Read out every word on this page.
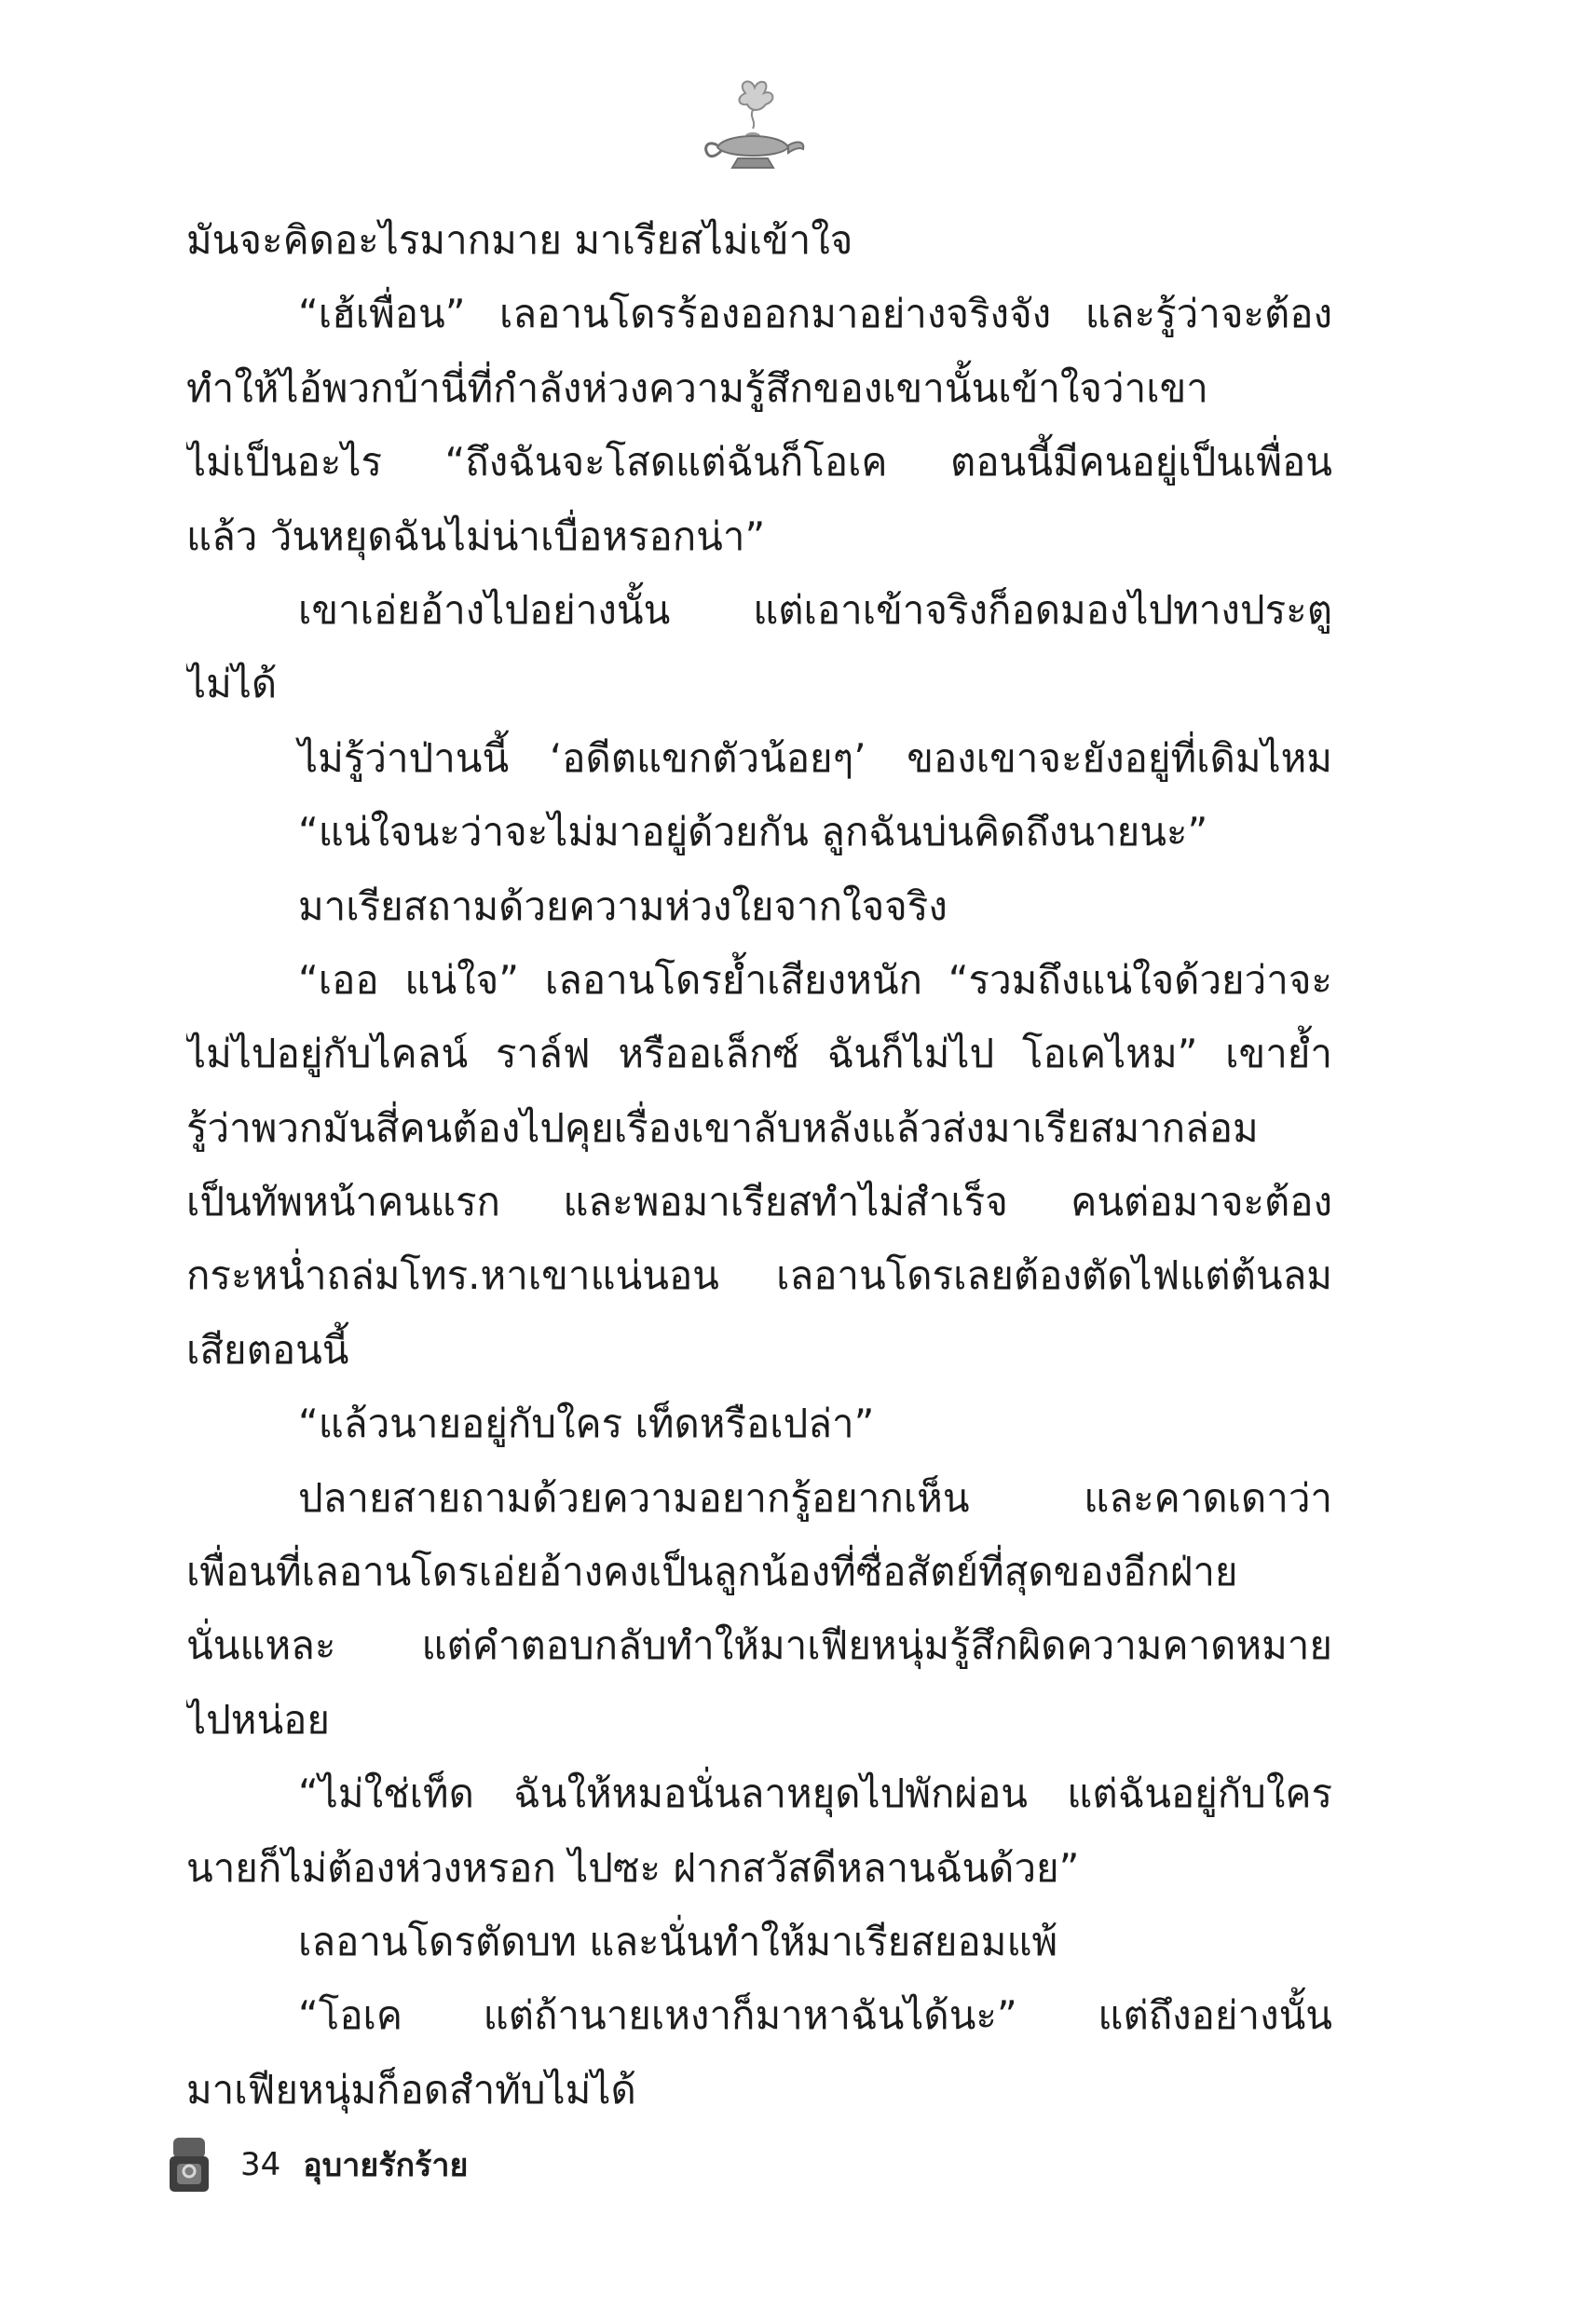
มันจะคิดอะไรมากมาย มาเรียสไม่เข้าใจ
“เฮ้เพื่อน” เลอานโดรร้องออกมาอย่างจริงจัง และรู้ว่าจะต้อง
ทำให้ไอ้พวกบ้านี่ที่กำลังห่วงความรู้สึกของเขานั้นเข้าใจว่าเขา
ไม่เป็นอะไร “ถึงฉันจะโสดแต่ฉันก็โอเค ตอนนี้มีคนอยู่เป็นเพื่อน
แล้ว วันหยุดฉันไม่น่าเบื่อหรอกน่า”
เขาเอ่ยอ้างไปอย่างนั้น แต่เอาเข้าจริงก็อดมองไปทางประตู
ไม่ได้
ไม่รู้ว่าป่านนี้ ‘อดีตแขกตัวน้อยๆ’ ของเขาจะยังอยู่ที่เดิมไหม
“แน่ใจนะว่าจะไม่มาอยู่ด้วยกัน ลูกฉันบ่นคิดถึงนายนะ”
มาเรียสถามด้วยความห่วงใยจากใจจริง
“เออ แน่ใจ” เลอานโดรย้ำเสียงหนัก “รวมถึงแน่ใจด้วยว่าจะ
ไม่ไปอยู่กับไคลน์ ราล์ฟ หรืออเล็กซ์ ฉันก็ไม่ไป โอเคไหม” เขาย้ำ
รู้ว่าพวกมันสี่คนต้องไปคุยเรื่องเขาลับหลังแล้วส่งมาเรียสมากล่อม
เป็นทัพหน้าคนแรก และพอมาเรียสทำไม่สำเร็จ คนต่อมาจะต้อง
กระหน่ำถล่มโทร.หาเขาแน่นอน เลอานโดรเลยต้องตัดไฟแต่ต้นลม
เสียตอนนี้
“แล้วนายอยู่กับใคร เท็ดหรือเปล่า”
ปลายสายถามด้วยความอยากรู้อยากเห็น และคาดเดาว่า
เพื่อนที่เลอานโดรเอ่ยอ้างคงเป็นลูกน้องที่ซื่อสัตย์ที่สุดของอีกฝ่าย
นั่นแหละ แต่คำตอบกลับทำให้มาเฟียหนุ่มรู้สึกผิดความคาดหมาย
ไปหน่อย
“ไม่ใช่เท็ด ฉันให้หมอนั่นลาหยุดไปพักผ่อน แต่ฉันอยู่กับใคร
นายก็ไม่ต้องห่วงหรอก ไปซะ ฝากสวัสดีหลานฉันด้วย”
เลอานโดรตัดบท และนั่นทำให้มาเรียสยอมแพ้
“โอเค แต่ถ้านายเหงาก็มาหาฉันได้นะ” แต่ถึงอย่างนั้น
มาเฟียหนุ่มก็อดสำทับไม่ได้
34 อุบายรักร้าย
